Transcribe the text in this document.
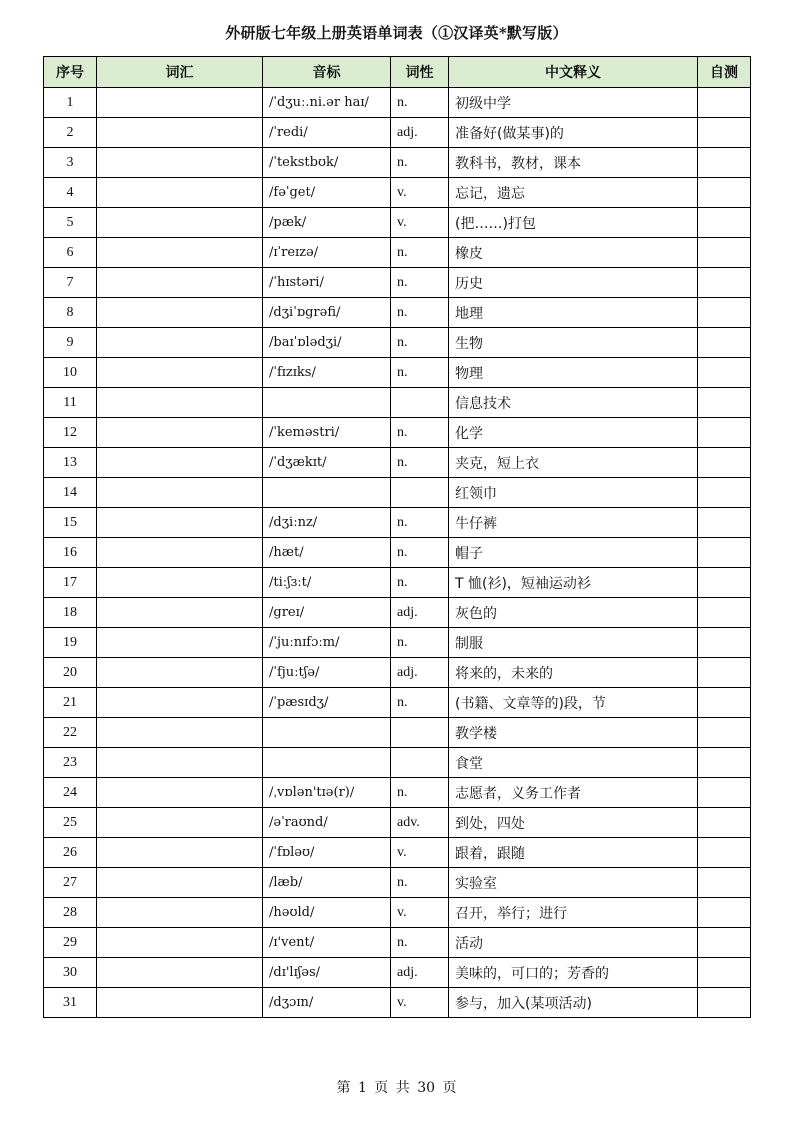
外研版七年级上册英语单词表（①汉译英*默写版）
序号	词汇	音标	词性	中文释义	自测
1		/ˈdʒuː.ni.ər haɪ/	n.	初级中学	
2		/ˈredi/	adj.	准备好(做某事)的	
3		/ˈtekstbʊk/	n.	教科书，教材，课本	
4		/fəˈget/	v.	忘记，遗忘	
5		/pæk/	v.	(把……)打包	
6		/ɪˈreɪzə/	n.	橡皮	
7		/ˈhɪstəri/	n.	历史	
8		/dʒiˈɒgrəfi/	n.	地理	
9		/baɪˈɒlədʒi/	n.	生物	
10		/ˈfɪzɪks/	n.	物理	
11				信息技术	
12		/ˈkeməstri/	n.	化学	
13		/ˈdʒækɪt/	n.	夹克，短上衣	
14				红领巾	
15		/dʒiːnz/	n.	牛仔裤	
16		/hæt/	n.	帽子	
17		/tiːʃɜːt/	n.	T 恤(衫)，短袖运动衫	
18		/greɪ/	adj.	灰色的	
19		/ˈjuːnɪfɔːm/	n.	制服	
20		/ˈfjuːtʃə/	adj.	将来的，未来的	
21		/ˈpæsɪdʒ/	n.	(书籍、文章等的)段，节	
22				教学楼	
23				食堂	
24		/ˌvɒlən'tɪə(r)/	n.	志愿者，义务工作者	
25		/əˈraʊnd/	adv.	到处，四处	
26		/ˈfɒləʊ/	v.	跟着，跟随	
27		/læb/	n.	实验室	
28		/həʊld/	v.	召开，举行；进行	
29		/ɪ'vent/	n.	活动	
30		/dɪ'lɪʃəs/	adj.	美味的，可口的；芳香的	
31		/dʒɔɪn/	v.	参与，加入(某项活动)	
第 1 页 共 30 页
